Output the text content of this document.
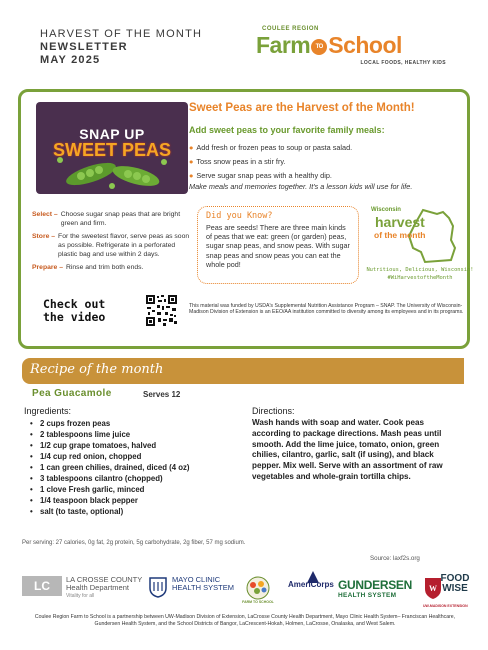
HARVEST OF THE MONTH
NEWSLETTER
MAY 2025
COULEE REGION
Farm TO School
LOCAL FOODS, HEALTHY KIDS
SNAP UP
SWEET PEAS
Sweet Peas are the Harvest of the Month!
Add sweet peas to your favorite family meals:
● Add fresh or frozen peas to soup or pasta salad.
● Toss snow peas in a stir fry.
● Serve sugar snap peas with a healthy dip.
Make meals and memories together. It's a lesson kids will use for life.
Select – Choose sugar snap peas that are bright green and firm.
Store – For the sweetest flavor, serve peas as soon as possible. Refrigerate in a perforated plastic bag and use within 2 days.
Prepare – Rinse and trim both ends.
Did you Know?
Peas are seeds! There are three main kinds of peas that we eat: green (or garden) peas, sugar snap peas, and snow peas. With sugar snap peas and snow peas you can eat the whole pod!
Wisconsin
harvest
of the month
Nutritious, Delicious, Wisconsin!
#WiHarvestoftheMonth
Check out
the video
This material was funded by USDA's Supplemental Nutrition Assistance Program – SNAP. The University of Wisconsin-Madison Division of Extension is an EEO/AA institution committed to diversity among its employees and in its programs.
Recipe of the month
Pea Guacamole	Serves 12
Ingredients:
• 2 cups frozen peas
• 2 tablespoons lime juice
• 1/2 cup grape tomatoes, halved
• 1/4 cup red onion, chopped
• 1 can green chilies, drained, diced (4 oz)
• 3 tablespoons cilantro (chopped)
• 1 clove Fresh garlic, minced
• 1/4 teaspoon black pepper
• salt (to taste, optional)
Directions:
Wash hands with soap and water. Cook peas according to package directions. Mash peas until smooth. Add the lime juice, tomato, onion, green chilies, cilantro, garlic, salt (if using), and black pepper. Mix well. Serve with an assortment of raw vegetables and whole-grain tortilla chips.
Per serving: 27 calories, 0g fat, 2g protein, 5g carbohydrate, 2g fiber, 57 mg sodium.
Source: laxf2s.org
LC	LA CROSSE COUNTY
Health Department
Vitality for all
MAYO CLINIC
HEALTH SYSTEM
FARM TO SCHOOL
AmeriCorps GUNDERSEN
HEALTH SYSTEM
W
UW-MADISON EXTENSION
FOOD
WISE
Coulee Region Farm to School is a partnership between UW-Madison Division of Extension, LaCrosse County Health Department, Mayo Clinic Health System– Franciscan Healthcare, Gundersen Health System, and the School Districts of Bangor, LaCrescent-Hokah, Holmen, LaCrosse, Onalaska, and West Salem.
